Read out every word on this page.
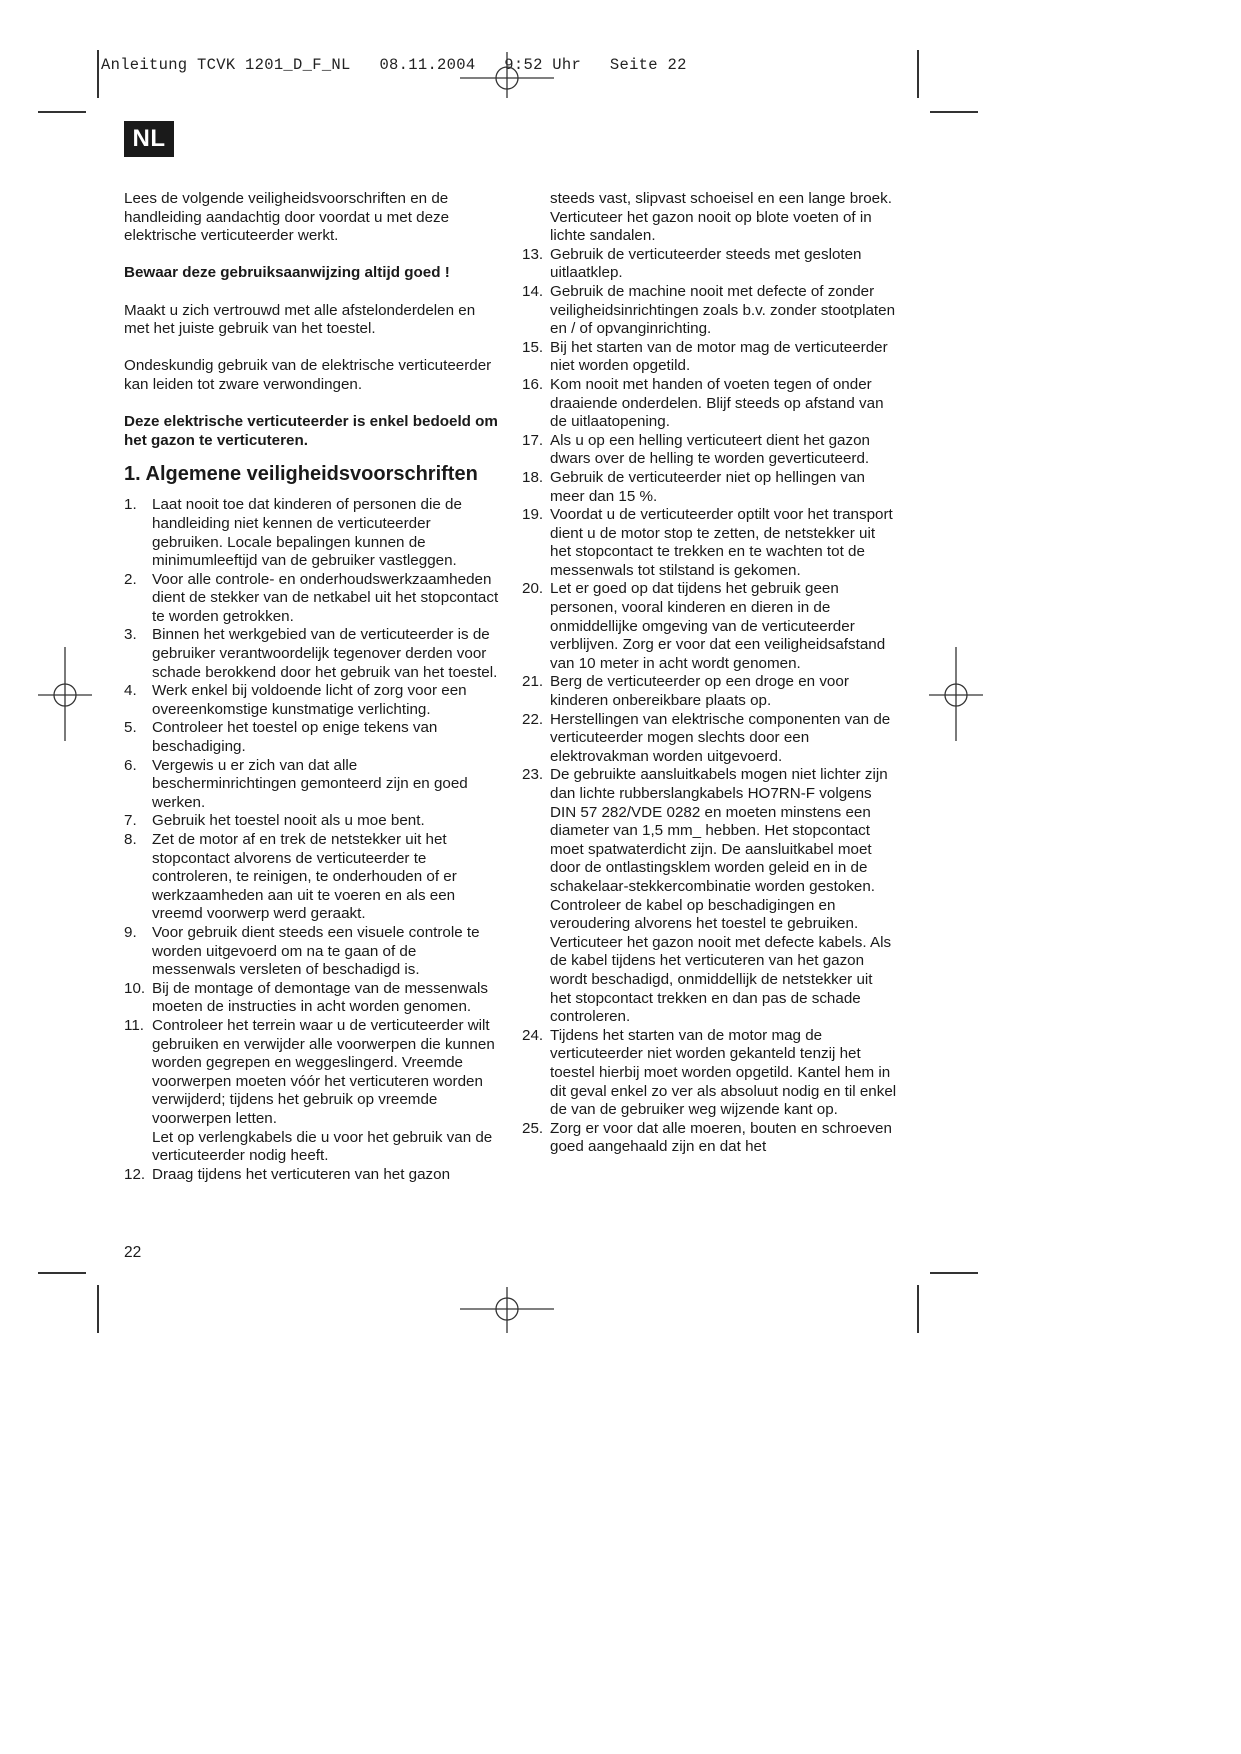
Anleitung TCVK 1201_D_F_NL   08.11.2004   9:52 Uhr   Seite 22
NL

Lees de volgende veiligheidsvoorschriften en de handleiding aandachtig door voordat u met deze elektrische verticuteerder werkt.

Bewaar deze gebruiksaanwijzing altijd goed !

Maakt u zich vertrouwd met alle afstelonderdelen en met het juiste gebruik van het toestel.

Ondeskundig gebruik van de elektrische verticuteerder kan leiden tot zware verwondingen.

Deze elektrische verticuteerder is enkel bedoeld om het gazon te verticuteren.

1. Algemene veiligheidsvoorschriften
1. Laat nooit toe dat kinderen of personen die de handleiding niet kennen de verticuteerder gebruiken. Locale bepalingen kunnen de minimumleeftijd van de gebruiker vastleggen.
2. Voor alle controle- en onderhoudswerkzaamheden dient de stekker van de netkabel uit het stopcontact te worden getrokken.
3. Binnen het werkgebied van de verticuteerder is de gebruiker verantwoordelijk tegenover derden voor schade berokkend door het gebruik van het toestel.
4. Werk enkel bij voldoende licht of zorg voor een overeenkomstige kunstmatige verlichting.
5. Controleer het toestel op enige tekens van beschadiging.
6. Vergewis u er zich van dat alle bescherminrichtingen gemonteerd zijn en goed werken.
7. Gebruik het toestel nooit als u moe bent.
8. Zet de motor af en trek de netstekker uit het stopcontact alvorens de verticuteerder te controleren, te reinigen, te onderhouden of er werkzaamheden aan uit te voeren en als een vreemd voorwerp werd geraakt.
9. Voor gebruik dient steeds een visuele controle te worden uitgevoerd om na te gaan of de messenwals versleten of beschadigd is.
10. Bij de montage of demontage van de messenwals moeten de instructies in acht worden genomen.
11. Controleer het terrein waar u de verticuteerder wilt gebruiken en verwijder alle voorwerpen die kunnen worden gegrepen en weggeslingerd. Vreemde voorwerpen moeten vóór het verticuteren worden verwijderd; tijdens het gebruik op vreemde voorwerpen letten.
Let op verlengkabels die u voor het gebruik van de verticuteerder nodig heeft.
12. Draag tijdens het verticuteren van het gazon
steeds vast, slipvast schoeisel en een lange broek. Verticuteer het gazon nooit op blote voeten of in lichte sandalen.
13. Gebruik de verticuteerder steeds met gesloten uitlaatklep.
14. Gebruik de machine nooit met defecte of zonder veiligheidsinrichtingen zoals b.v. zonder stootplaten en / of opvanginrichting.
15. Bij het starten van de motor mag de verticuteerder niet worden opgetild.
16. Kom nooit met handen of voeten tegen of onder draaiende onderdelen. Blijf steeds op afstand van de uitlaatopening.
17. Als u op een helling verticuteert dient het gazon dwars over de helling te worden geverticuteerd.
18. Gebruik de verticuteerder niet op hellingen van meer dan 15 %.
19. Voordat u de verticuteerder optilt voor het transport dient u de motor stop te zetten, de netstekker uit het stopcontact te trekken en te wachten tot de messenwals tot stilstand is gekomen.
20. Let er goed op dat tijdens het gebruik geen personen, vooral kinderen en dieren in de onmiddellijke omgeving van de verticuteerder verblijven. Zorg er voor dat een veiligheidsafstand van 10 meter in acht wordt genomen.
21. Berg de verticuteerder op een droge en voor kinderen onbereikbare plaats op.
22. Herstellingen van elektrische componenten van de verticuteerder mogen slechts door een elektrovakman worden uitgevoerd.
23. De gebruikte aansluitkabels mogen niet lichter zijn dan lichte rubberslangkabels HO7RN-F volgens DIN 57 282/VDE 0282 en moeten minstens een diameter van 1,5 mm_ hebben. Het stopcontact moet spatwaterdicht zijn. De aansluitkabel moet door de ontlastingsklem worden geleid en in de schakelaar-stekkercombinatie worden gestoken. Controleer de kabel op beschadigingen en veroudering alvorens het toestel te gebruiken. Verticuteer het gazon nooit met defecte kabels. Als de kabel tijdens het verticuteren van het gazon wordt beschadigd, onmiddellijk de netstekker uit het stopcontact trekken en dan pas de schade controleren.
24. Tijdens het starten van de motor mag de verticuteerder niet worden gekanteld tenzij het toestel hierbij moet worden opgetild. Kantel hem in dit geval enkel zo ver als absoluut nodig en til enkel de van de gebruiker weg wijzende kant op.
25. Zorg er voor dat alle moeren, bouten en schroeven goed aangehaald zijn en dat het
22
